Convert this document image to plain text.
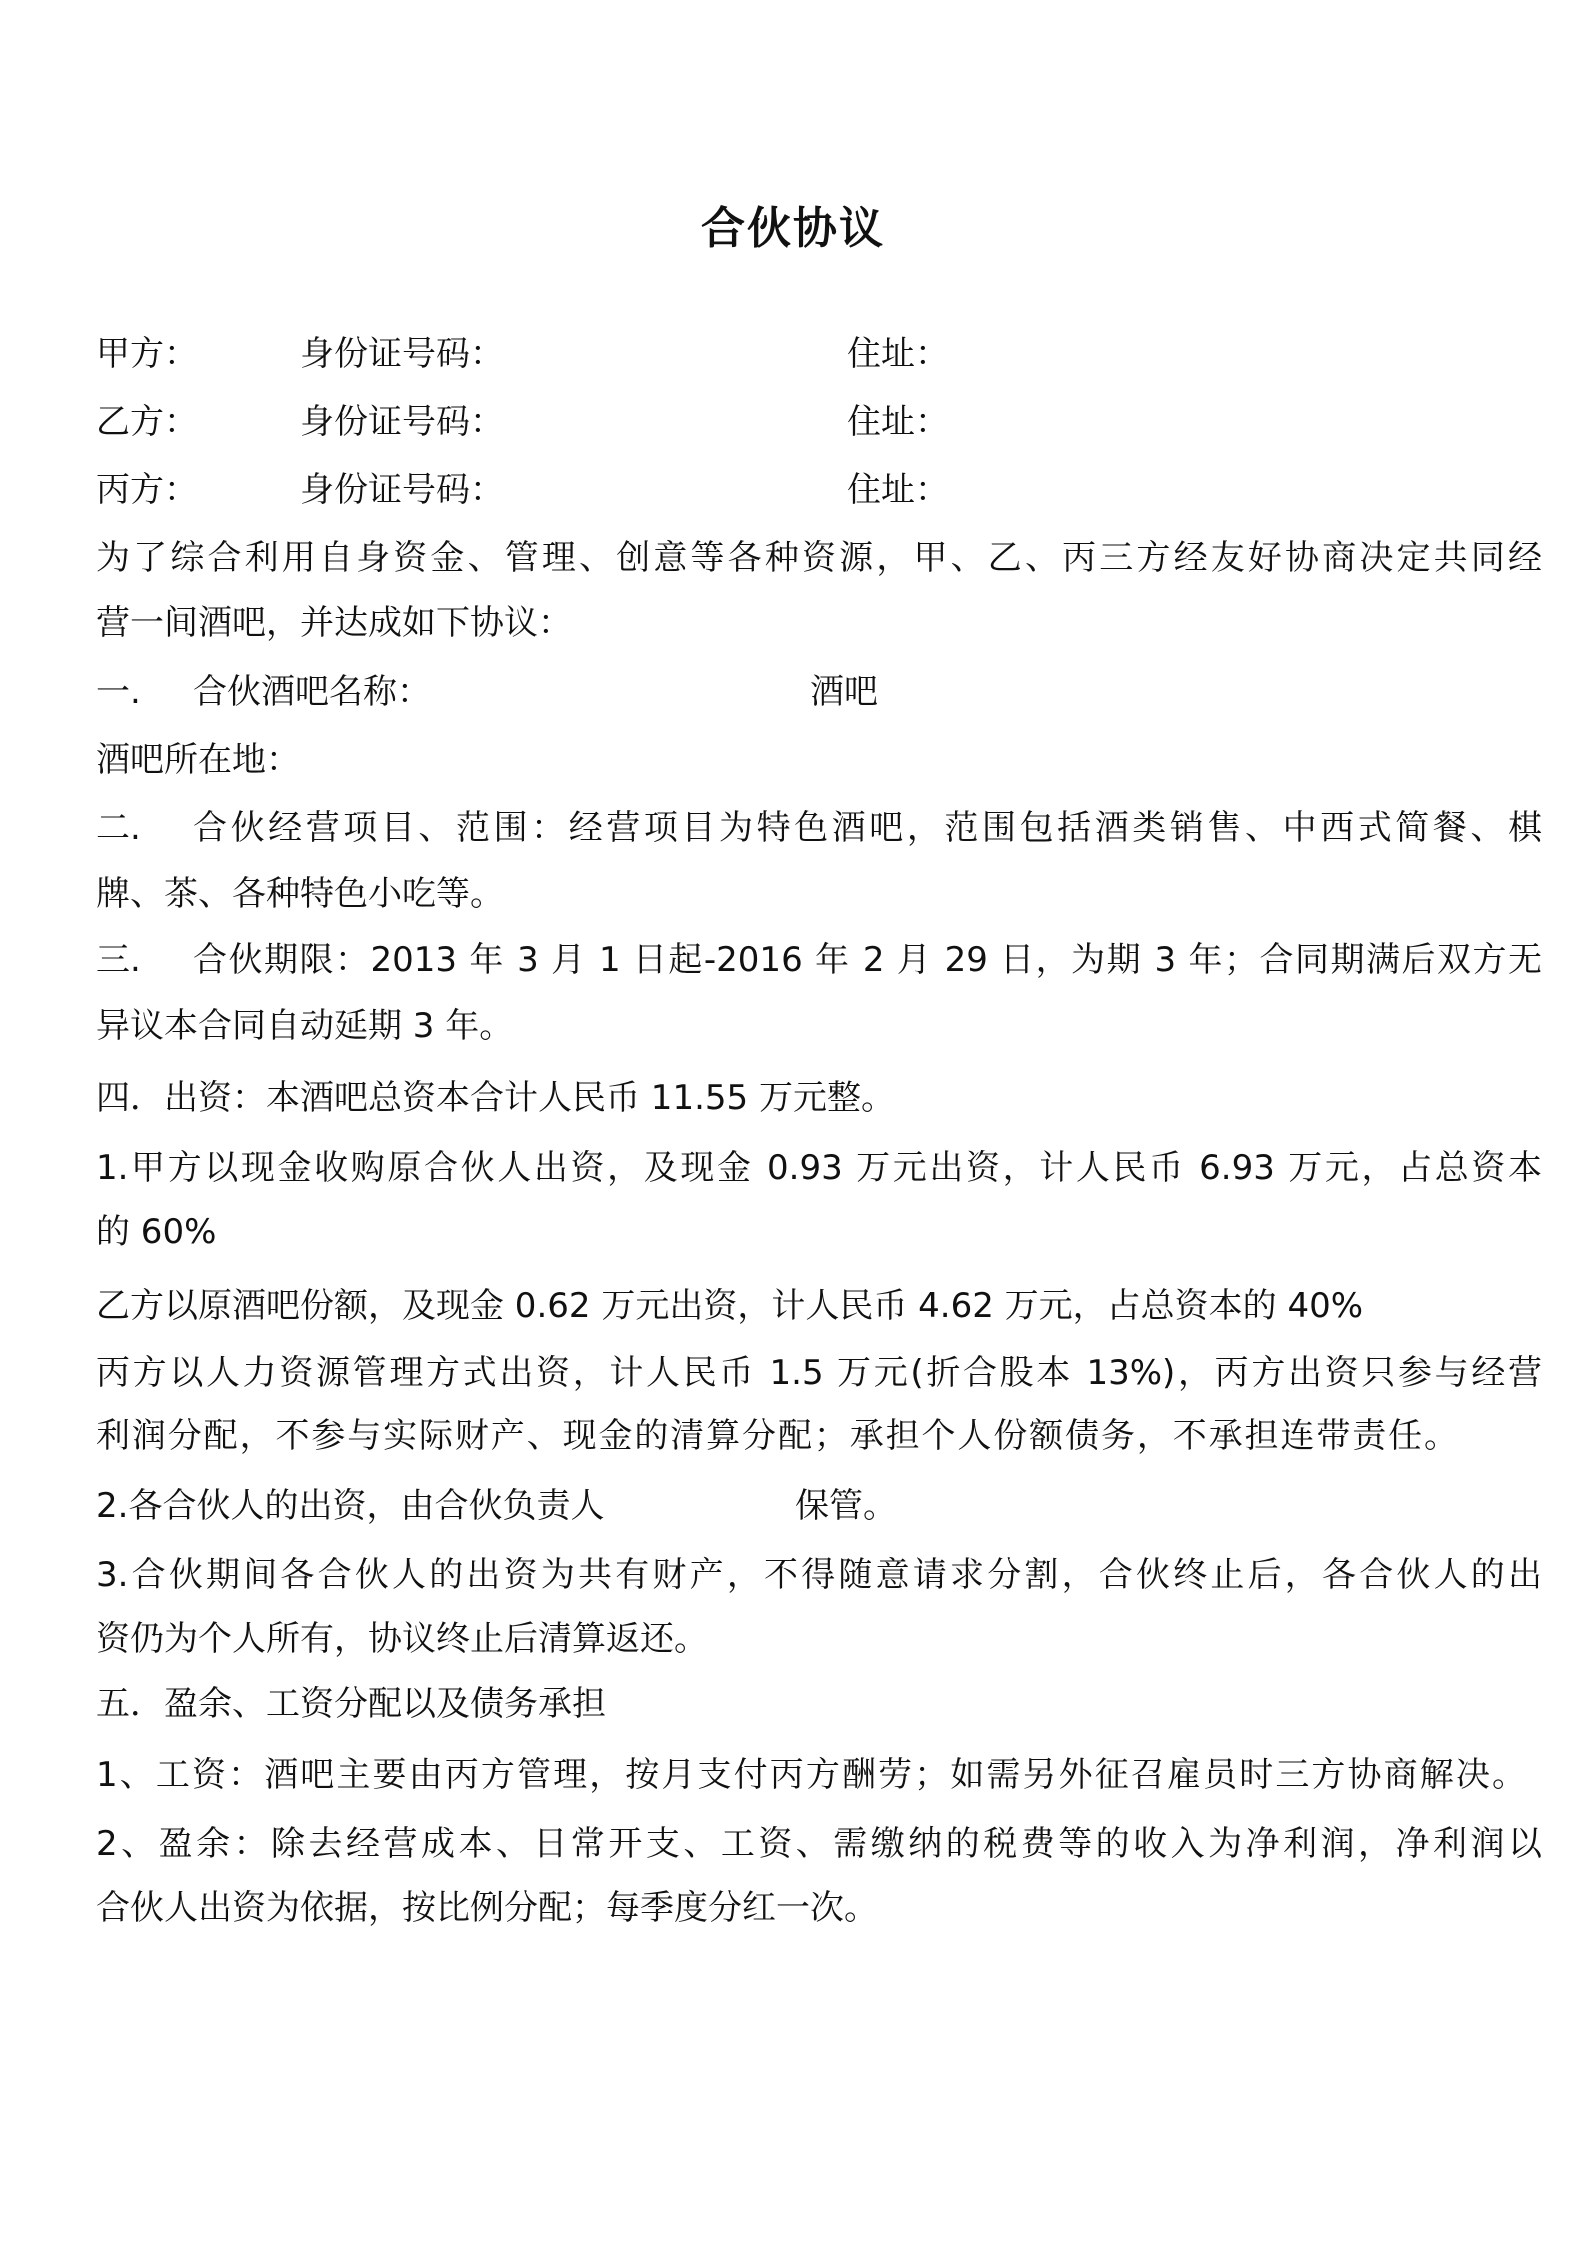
合伙协议
甲方：	身份证号码：	住址：
乙方：	身份证号码：	住址：
丙方：	身份证号码：	住址：
为了综合利用自身资金、管理、创意等各种资源，甲、乙、丙三方经友好协商决定共同经
营一间酒吧，并达成如下协议：
一. 合伙酒吧名称：	酒吧
酒吧所在地：
二. 合伙经营项目、范围：经营项目为特色酒吧，范围包括酒类销售、中西式简餐、棋
牌、茶、各种特色小吃等。
三. 合伙期限：2013 年 3 月 1 日起-2016 年 2 月 29 日，为期 3 年；合同期满后双方无
异议本合同自动延期 3 年。
四．出资：本酒吧总资本合计人民币 11.55 万元整。
1.甲方以现金收购原合伙人出资，及现金 0.93 万元出资，计人民币 6.93 万元，占总资本
的 60%
乙方以原酒吧份额，及现金 0.62 万元出资，计人民币 4.62 万元，占总资本的 40%
丙方以人力资源管理方式出资，计人民币 1.5 万元(折合股本 13%)，丙方出资只参与经营
利润分配，不参与实际财产、现金的清算分配；承担个人份额债务，不承担连带责任。
2.各合伙人的出资，由合伙负责人	保管。
3.合伙期间各合伙人的出资为共有财产，不得随意请求分割，合伙终止后，各合伙人的出
资仍为个人所有，协议终止后清算返还。
五．盈余、工资分配以及债务承担
1、工资：酒吧主要由丙方管理，按月支付丙方酬劳；如需另外征召雇员时三方协商解决。
2、盈余：除去经营成本、日常开支、工资、需缴纳的税费等的收入为净利润，净利润以
合伙人出资为依据，按比例分配；每季度分红一次。
